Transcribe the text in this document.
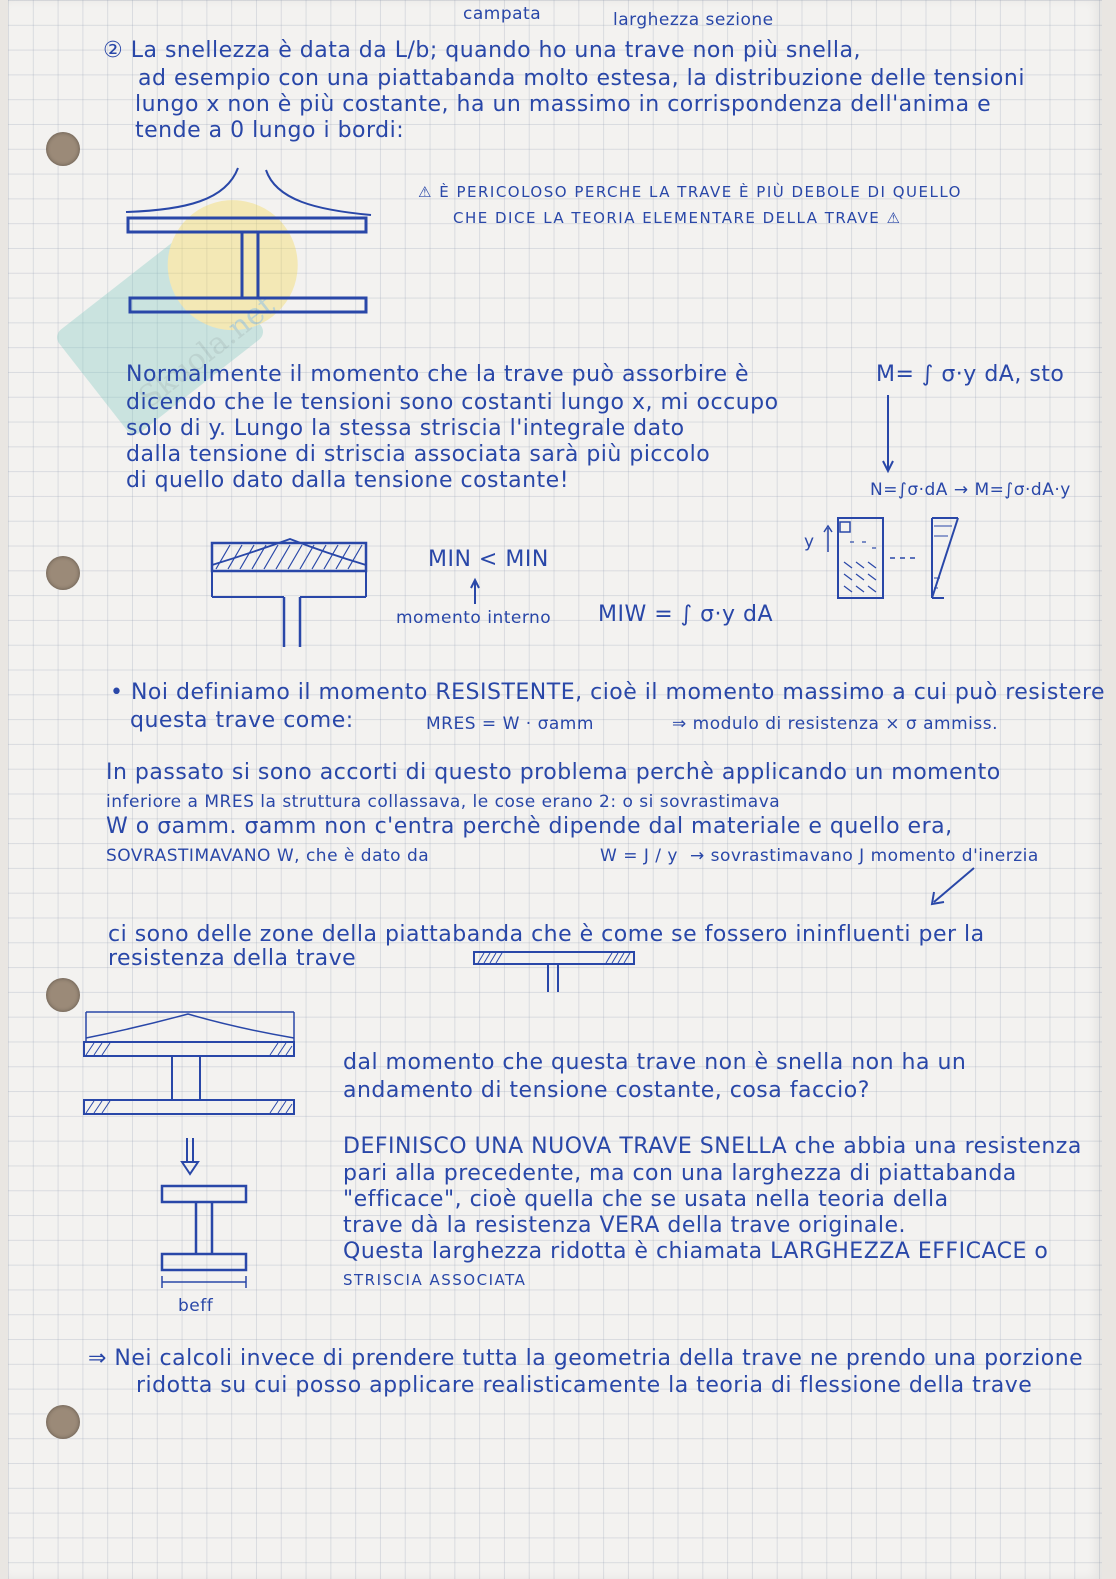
Skuola.net
campata	larghezza sezione
② La snellezza è data da L/b; quando ho una trave non più snella,
ad esempio con una piattabanda molto estesa, la distribuzione delle tensioni
lungo x non è più costante, ha un massimo in corrispondenza dell'anima e
tende a 0 lungo i bordi:
⚠ È PERICOLOSO PERCHE LA TRAVE È PIÙ DEBOLE DI QUELLO
CHE DICE LA TEORIA ELEMENTARE DELLA TRAVE ⚠
Normalmente il momento che la trave può assorbire è	M= ∫ σ·y dA, sto
dicendo che le tensioni sono costanti lungo x, mi occupo
solo di y. Lungo la stessa striscia l'integrale dato
dalla tensione di striscia associata sarà più piccolo
di quello dato dalla tensione costante!	N=∫σ·dA → M=∫σ·dA·y
y
MIN < MIN
momento interno MIW = ∫ σ·y dA
• Noi definiamo il momento RESISTENTE, cioè il momento massimo a cui può resistere
questa trave come:	MRES = W · σamm	⇒ modulo di resistenza × σ ammiss.
In passato si sono accorti di questo problema perchè applicando un momento
inferiore a MRES la struttura collassava, le cose erano 2: o si sovrastimava
W o σamm. σamm non c'entra perchè dipende dal materiale e quello era,
SOVRASTIMAVANO W, che è dato da	W = J / y → sovrastimavano J momento d'inerzia
ci sono delle zone della piattabanda che è come se fossero ininfluenti per la
resistenza della trave
beff
dal momento che questa trave non è snella non ha un
andamento di tensione costante, cosa faccio?
DEFINISCO UNA NUOVA TRAVE SNELLA che abbia una resistenza
pari alla precedente, ma con una larghezza di piattabanda
"efficace", cioè quella che se usata nella teoria della
trave dà la resistenza VERA della trave originale.
Questa larghezza ridotta è chiamata LARGHEZZA EFFICACE o
STRISCIA ASSOCIATA
⇒ Nei calcoli invece di prendere tutta la geometria della trave ne prendo una porzione
ridotta su cui posso applicare realisticamente la teoria di flessione della trave
